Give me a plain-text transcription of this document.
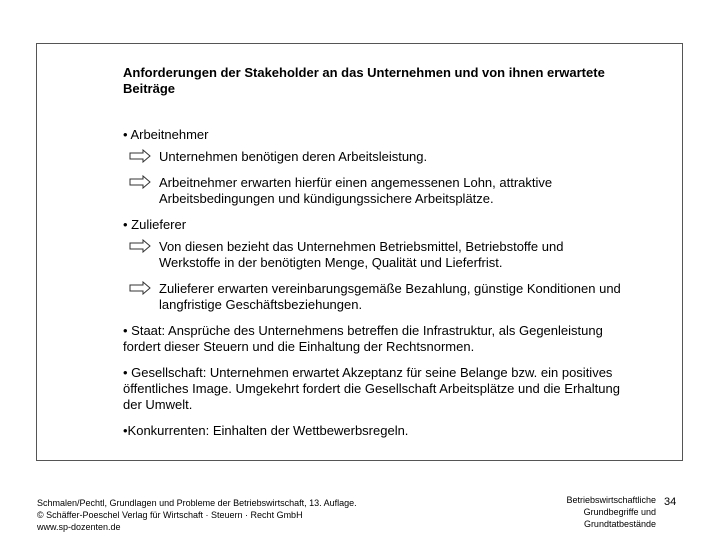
Anforderungen der Stakeholder an das Unternehmen und von ihnen erwartete Beiträge

• Arbeitnehmer

Unternehmen benötigen deren Arbeitsleistung.
Arbeitnehmer erwarten hierfür einen angemessenen Lohn, attraktive Arbeitsbedingungen und kündigungssichere Arbeitsplätze.

• Zulieferer

Von diesen bezieht das Unternehmen Betriebsmittel, Betriebstoffe und Werkstoffe in der benötigten Menge, Qualität und Lieferfrist.
Zulieferer erwarten vereinbarungsgemäße Bezahlung, günstige Konditionen und langfristige Geschäftsbeziehungen.

• Staat: Ansprüche des Unternehmens betreffen die Infrastruktur, als Gegenleistung fordert dieser Steuern und die Einhaltung der Rechtsnormen.

• Gesellschaft: Unternehmen erwartet Akzeptanz für seine Belange bzw. ein positives öffentliches Image. Umgekehrt fordert die Gesellschaft Arbeitsplätze und die Erhaltung der Umwelt.

•Konkurrenten: Einhalten der Wettbewerbsregeln.

Schmalen/Pechtl, Grundlagen und Probleme der Betriebswirtschaft, 13. Auflage.
© Schäffer-Poeschel Verlag für Wirtschaft · Steuern · Recht GmbH
www.sp-dozenten.de
Betriebswirtschaftliche
Grundbegriffe und
Grundtatbestände
34
